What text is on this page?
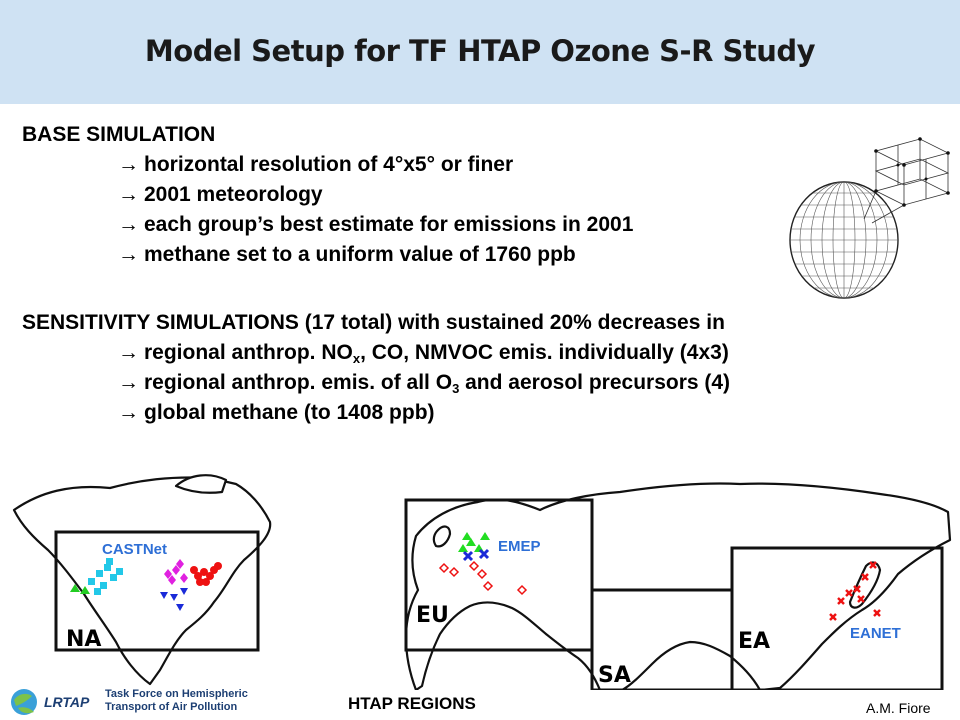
Model Setup for TF HTAP Ozone S-R Study
BASE SIMULATION
→ horizontal resolution of 4°x5° or finer
→ 2001 meteorology
→ each group’s best estimate for emissions in 2001
→ methane set to a uniform value of 1760 ppb
SENSITIVITY SIMULATIONS (17 total) with sustained 20% decreases in
→ regional anthrop. $NO_x$, CO, NMVOC emis. individually (4x3)
→ regional anthrop. emis. of all $O_3$ and aerosol precursors (4)
→ global methane (to 1408 ppb)
NA
EU
SA
EA
CASTNet	EMEP
EANET
LRTAP Task Force on Hemispheric
Transport of Air Pollution	HTAP REGIONS	A.M. Fiore
